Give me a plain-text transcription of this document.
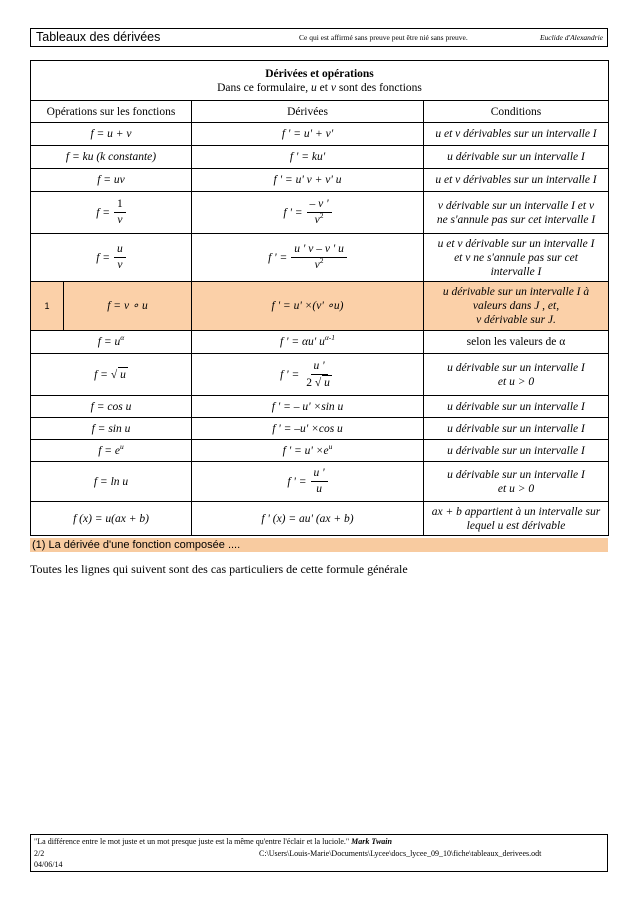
Tableaux des dérivées	Ce qui est affirmé sans preuve peut être nié sans preuve.	Euclide d'Alexandrie
Dérivées et opérations
Dans ce formulaire, u et v sont des fonctions			
Opérations sur les fonctions		Dérivées	Conditions
f = u + v		f ' = u' + v'	u et v dérivables sur un intervalle I
f = ku (k constante)		f ' = ku'	u dérivable sur un intervalle I
f = uv		f ' = u' v + v' u	u et v dérivables sur un intervalle I

$f = \frac{1}{v}$		f ' = $\frac{- v '}{v^2}$	v dérivable sur un intervalle I et v
ne s'annule pas sur cet intervalle I

$f = \frac{u}{v}$		f ' = $\frac{u ' v - v ' u}{v^2}$	u et v dérivable sur un intervalle I
et v ne s'annule pas sur cet
intervalle I
1	f = v ∘ u	f ' = u' ×(v' ∘u)	u dérivable sur un intervalle I à
valeurs dans J , et,
v dérivable sur J.
$f = u^\alpha$		f ' = αu' $u^{\alpha-1}$	selon les valeurs de α

f = √ u		f ' = $\frac{u '}{2 √ u}$	u dérivable sur un intervalle I
et u > 0
f = cos u		f ' = – u' ×sin u	u dérivable sur un intervalle I
f = sin u		f ' = –u' ×cos u	u dérivable sur un intervalle I
$f = e^u$		f ' = $u' \times e^u$	u dérivable sur un intervalle I
f = ln u		f ' = $\frac{u '}{u}$	u dérivable sur un intervalle I
et u > 0
f (x) = u(ax + b)		f ' (x) = au' (ax + b)	ax + b appartient à un intervalle sur
lequel u est dérivable
(1) La dérivée d'une fonction composée ....
Toutes les lignes qui suivent sont des cas particuliers de cette formule générale
"La différence entre le mot juste et un mot presque juste est la même qu'entre l'éclair et la luciole." Mark Twain
2/2	C:\Users\Louis-Marie\Documents\Lycee\docs_lycee_09_10\fiche\tableaux_derivees.odt
04/06/14
